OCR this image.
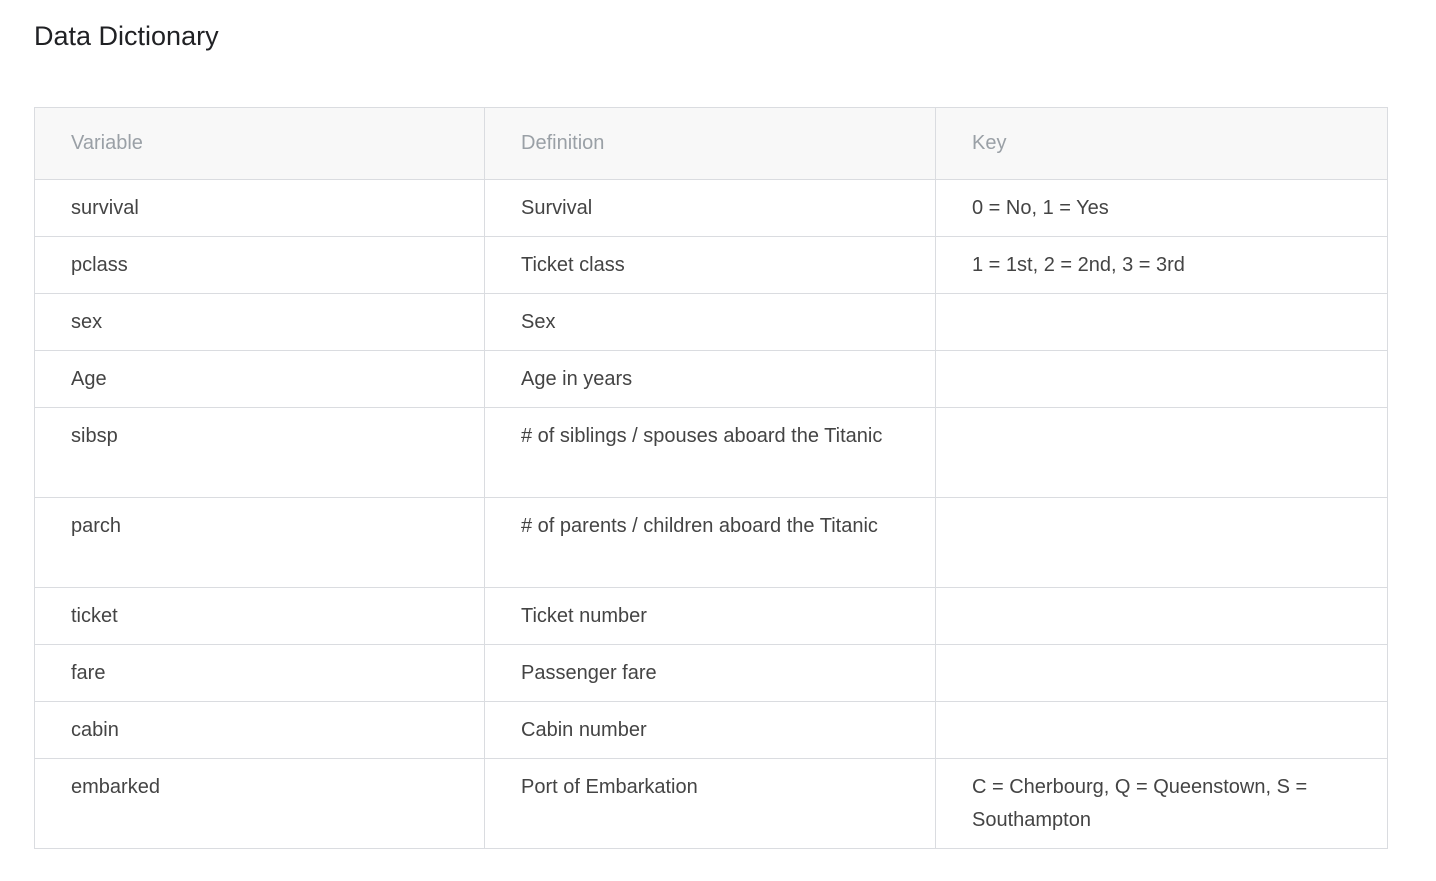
Data Dictionary
Variable	Definition	Key
survival	Survival	0 = No, 1 = Yes
pclass	Ticket class	1 = 1st, 2 = 2nd, 3 = 3rd
sex	Sex	
Age	Age in years	
sibsp	# of siblings / spouses aboard the Titanic	
parch	# of parents / children aboard the Titanic	
ticket	Ticket number	
fare	Passenger fare	
cabin	Cabin number	
embarked	Port of Embarkation	C = Cherbourg, Q = Queenstown, S = Southampton
